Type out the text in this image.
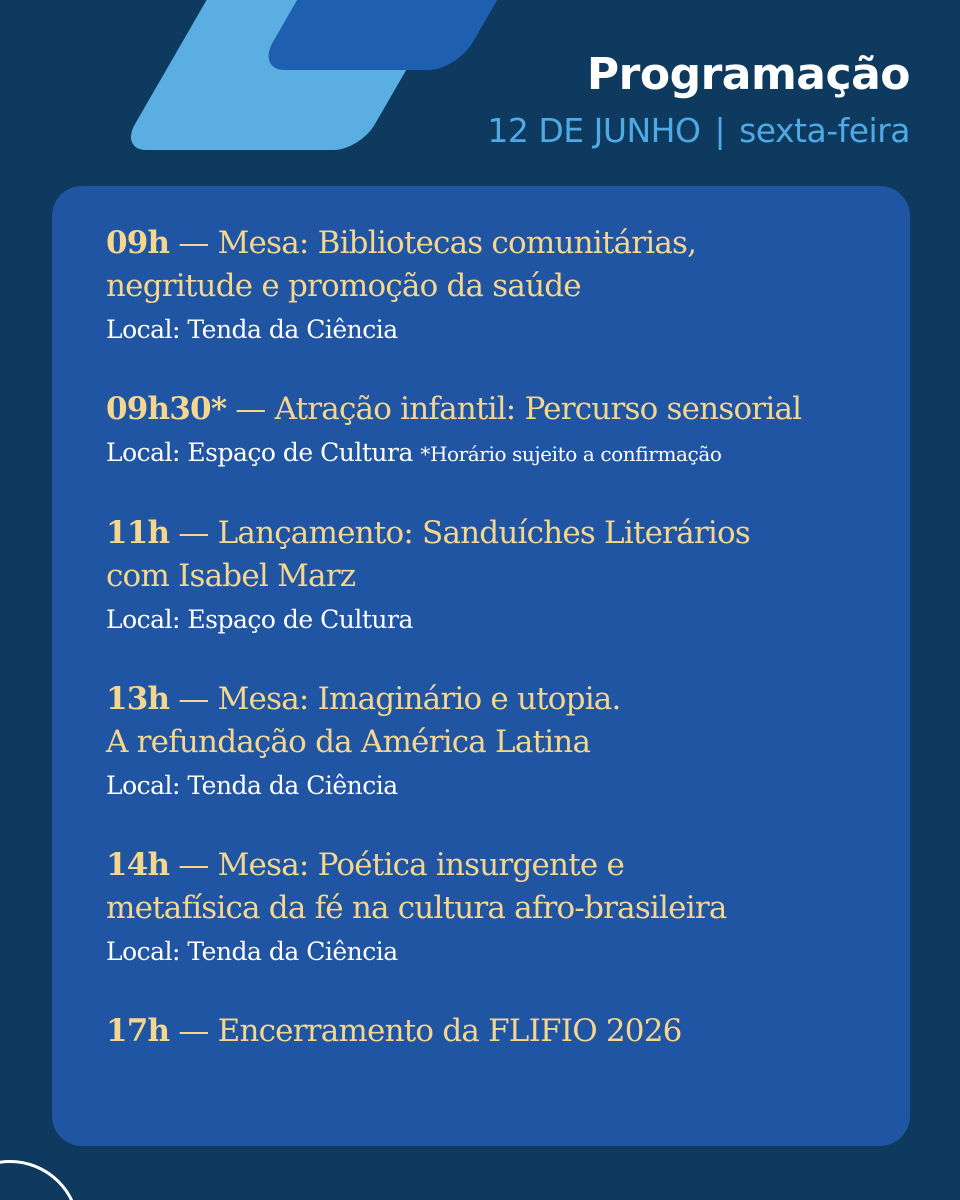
Programação
12 DE JUNHO | sexta-feira
09h — Mesa: Bibliotecas comunitárias,
negritude e promoção da saúde
Local: Tenda da Ciência
09h30* — Atração infantil: Percurso sensorial
Local: Espaço de Cultura *Horário sujeito a confirmação
11h — Lançamento: Sanduíches Literários
com Isabel Marz
Local: Espaço de Cultura
13h — Mesa: Imaginário e utopia.
A refundação da América Latina
Local: Tenda da Ciência
14h — Mesa: Poética insurgente e
metafísica da fé na cultura afro-brasileira
Local: Tenda da Ciência
17h — Encerramento da FLIFIO 2026
